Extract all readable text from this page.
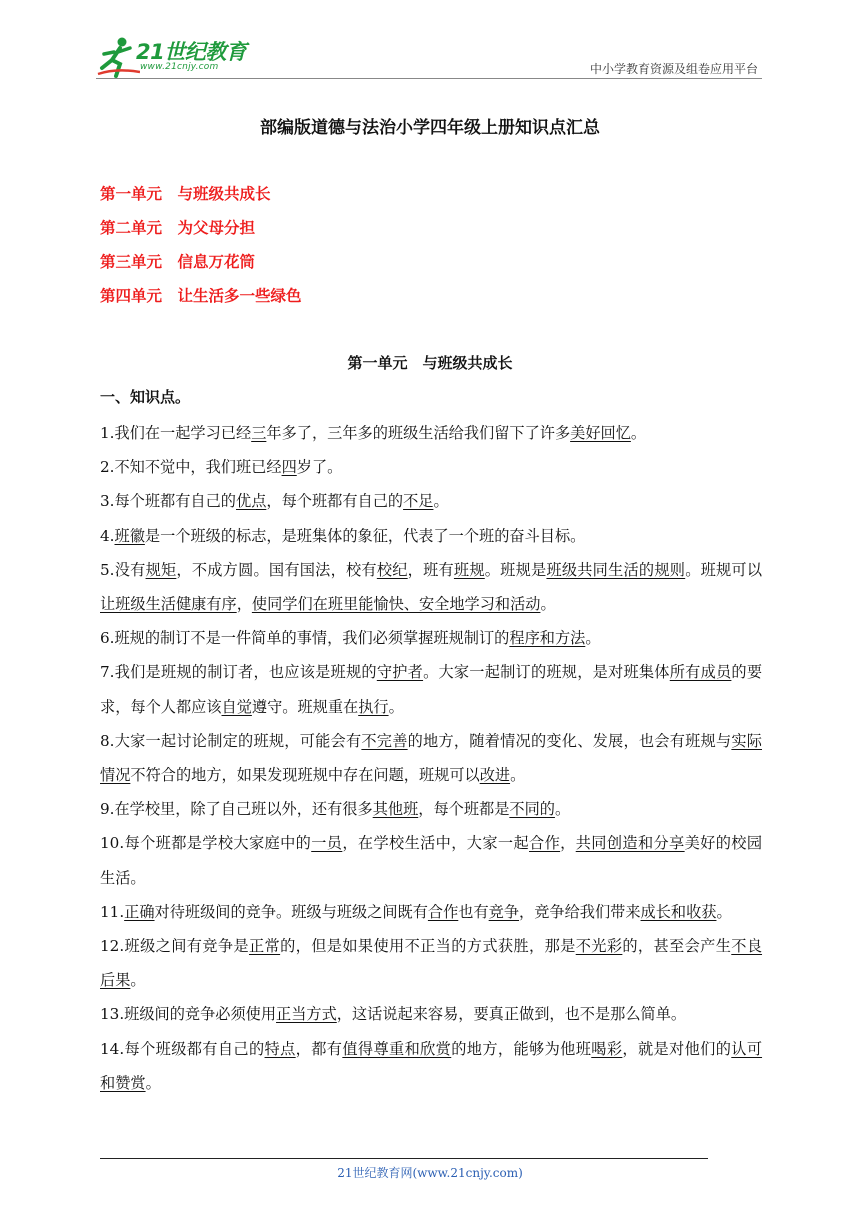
21世纪教育
www.21cnjy.com	中小学教育资源及组卷应用平台
部编版道德与法治小学四年级上册知识点汇总
第一单元　与班级共成长
第二单元　为父母分担
第三单元　信息万花筒
第四单元　让生活多一些绿色
第一单元　与班级共成长
一、知识点。

1.我们在一起学习已经三年多了，三年多的班级生活给我们留下了许多美好回忆。

2.不知不觉中，我们班已经四岁了。

3.每个班都有自己的优点，每个班都有自己的不足。

4.班徽是一个班级的标志，是班集体的象征，代表了一个班的奋斗目标。

5.没有规矩，不成方圆。国有国法，校有校纪，班有班规。班规是班级共同生活的规则。班规可以让班级生活健康有序，使同学们在班里能愉快、安全地学习和活动。

6.班规的制订不是一件简单的事情，我们必须掌握班规制订的程序和方法。

7.我们是班规的制订者，也应该是班规的守护者。大家一起制订的班规，是对班集体所有成员的要求，每个人都应该自觉遵守。班规重在执行。

8.大家一起讨论制定的班规，可能会有不完善的地方，随着情况的变化、发展，也会有班规与实际情况不符合的地方，如果发现班规中存在问题，班规可以改进。

9.在学校里，除了自己班以外，还有很多其他班，每个班都是不同的。

10.每个班都是学校大家庭中的一员，在学校生活中，大家一起合作，共同创造和分享美好的校园生活。

11.正确对待班级间的竞争。班级与班级之间既有合作也有竞争，竞争给我们带来成长和收获。

12.班级之间有竞争是正常的，但是如果使用不正当的方式获胜，那是不光彩的，甚至会产生不良后果。

13.班级间的竞争必须使用正当方式，这话说起来容易，要真正做到，也不是那么简单。

14.每个班级都有自己的特点，都有值得尊重和欣赏的地方，能够为他班喝彩，就是对他们的认可和赞赏。

21世纪教育网(www.21cnjy.com)
